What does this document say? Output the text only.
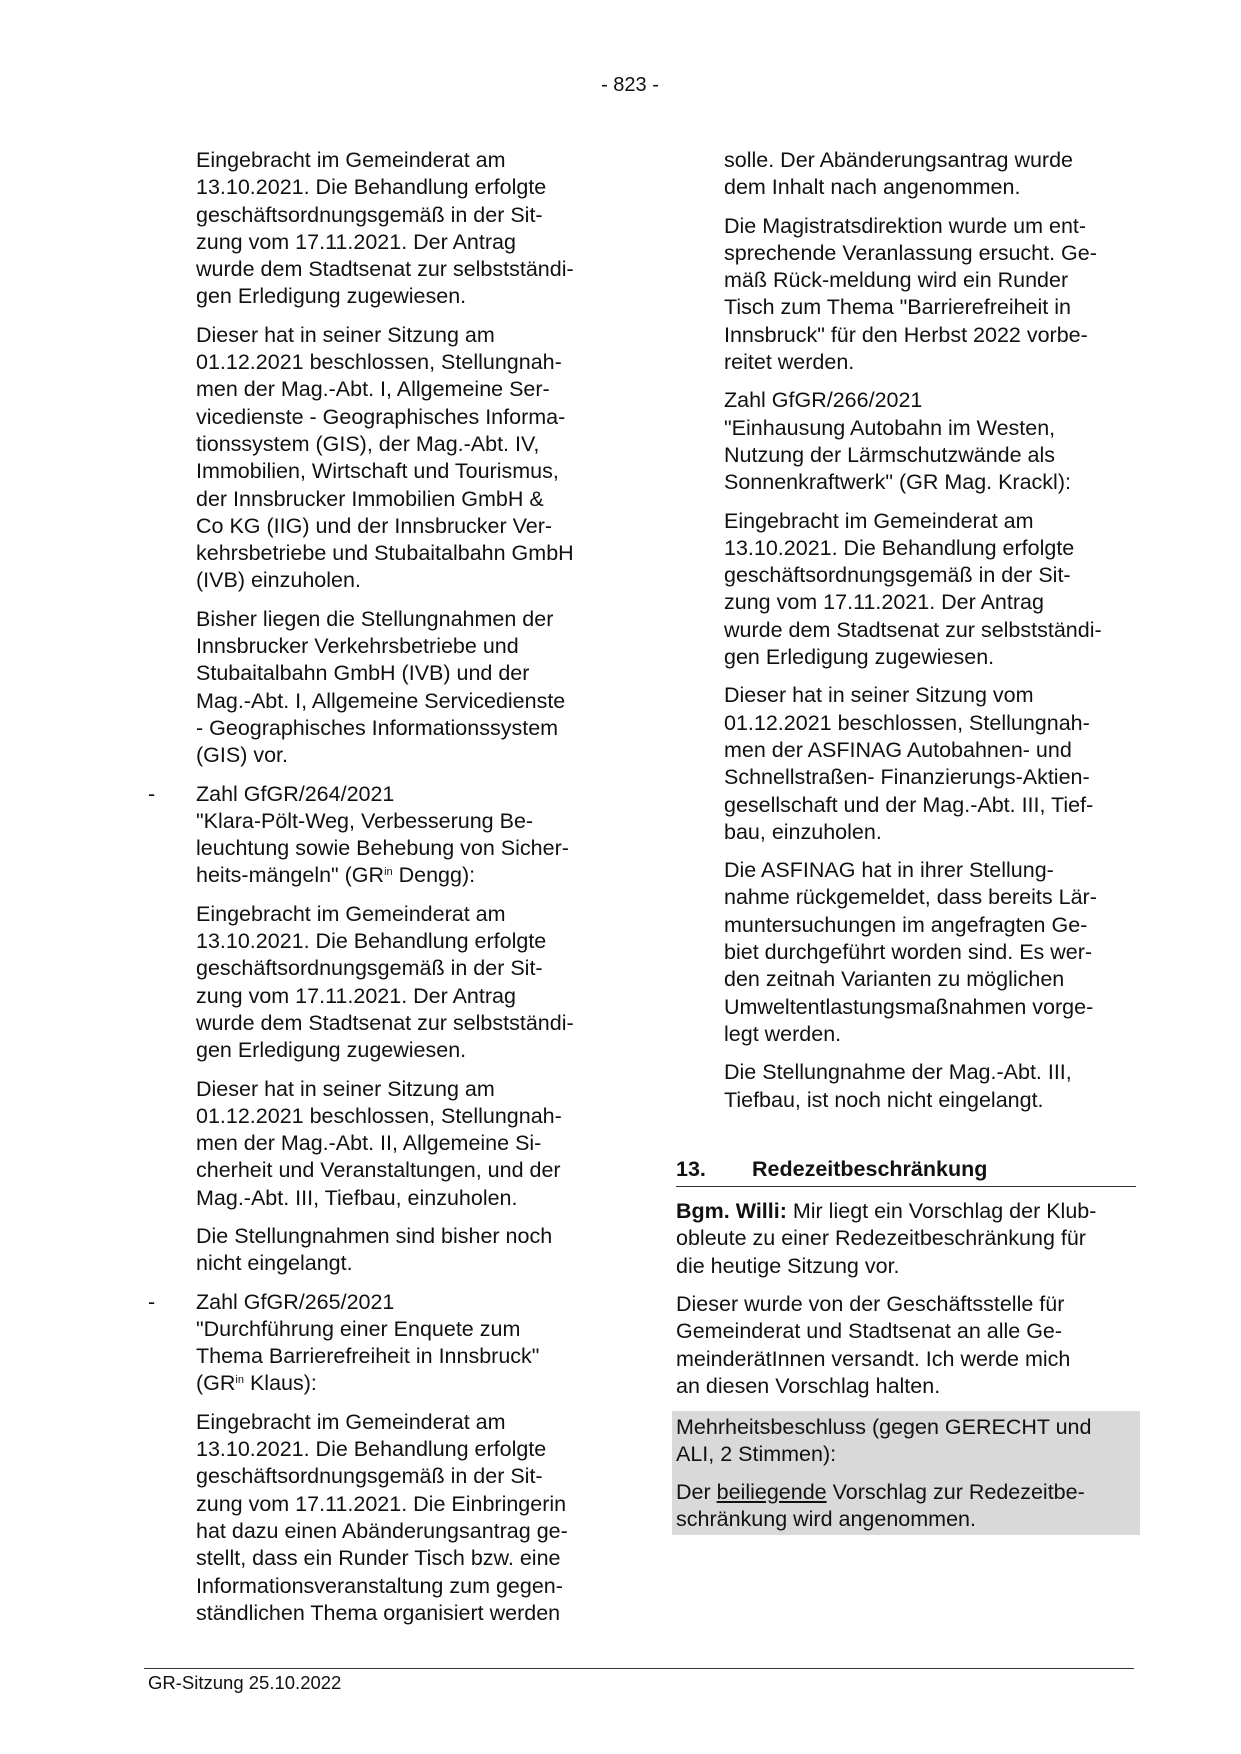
- 823 -

Eingebracht im Gemeinderat am
13.10.2021. Die Behandlung erfolgte
geschäftsordnungsgemäß in der Sit-
zung vom 17.11.2021. Der Antrag
wurde dem Stadtsenat zur selbstständi-
gen Erledigung zugewiesen.

Dieser hat in seiner Sitzung am
01.12.2021 beschlossen, Stellungnah-
men der Mag.-Abt. I, Allgemeine Ser-
vicedienste - Geographisches Informa-
tionssystem (GIS), der Mag.-Abt. IV,
Immobilien, Wirtschaft und Tourismus,
der Innsbrucker Immobilien GmbH &
Co KG (IIG) und der Innsbrucker Ver-
kehrsbetriebe und Stubaitalbahn GmbH
(IVB) einzuholen.

Bisher liegen die Stellungnahmen der
Innsbrucker Verkehrsbetriebe und
Stubaitalbahn GmbH (IVB) und der
Mag.-Abt. I, Allgemeine Servicedienste
- Geographisches Informationssystem
(GIS) vor.

- Zahl GfGR/264/2021
"Klara-Pölt-Weg, Verbesserung Be-
leuchtung sowie Behebung von Sicher-
heits-mängeln" ($GR^{in}$ Dengg):

Eingebracht im Gemeinderat am
13.10.2021. Die Behandlung erfolgte
geschäftsordnungsgemäß in der Sit-
zung vom 17.11.2021. Der Antrag
wurde dem Stadtsenat zur selbstständi-
gen Erledigung zugewiesen.

Dieser hat in seiner Sitzung am
01.12.2021 beschlossen, Stellungnah-
men der Mag.-Abt. II, Allgemeine Si-
cherheit und Veranstaltungen, und der
Mag.-Abt. III, Tiefbau, einzuholen.

Die Stellungnahmen sind bisher noch
nicht eingelangt.

- Zahl GfGR/265/2021
"Durchführung einer Enquete zum
Thema Barrierefreiheit in Innsbruck"
($GR^{in}$ Klaus):

Eingebracht im Gemeinderat am
13.10.2021. Die Behandlung erfolgte
geschäftsordnungsgemäß in der Sit-
zung vom 17.11.2021. Die Einbringerin
hat dazu einen Abänderungsantrag ge-
stellt, dass ein Runder Tisch bzw. eine
Informationsveranstaltung zum gegen-
ständlichen Thema organisiert werden

solle. Der Abänderungsantrag wurde
dem Inhalt nach angenommen.

Die Magistratsdirektion wurde um ent-
sprechende Veranlassung ersucht. Ge-
mäß Rück-meldung wird ein Runder
Tisch zum Thema "Barrierefreiheit in
Innsbruck" für den Herbst 2022 vorbe-
reitet werden.

Zahl GfGR/266/2021
"Einhausung Autobahn im Westen,
Nutzung der Lärmschutzwände als
Sonnenkraftwerk" (GR Mag. Krackl):

Eingebracht im Gemeinderat am
13.10.2021. Die Behandlung erfolgte
geschäftsordnungsgemäß in der Sit-
zung vom 17.11.2021. Der Antrag
wurde dem Stadtsenat zur selbstständi-
gen Erledigung zugewiesen.

Dieser hat in seiner Sitzung vom
01.12.2021 beschlossen, Stellungnah-
men der ASFINAG Autobahnen- und
Schnellstraßen- Finanzierungs-Aktien-
gesellschaft und der Mag.-Abt. III, Tief-
bau, einzuholen.

Die ASFINAG hat in ihrer Stellung-
nahme rückgemeldet, dass bereits Lär-
muntersuchungen im angefragten Ge-
biet durchgeführt worden sind. Es wer-
den zeitnah Varianten zu möglichen
Umweltentlastungsmaßnahmen vorge-
legt werden.

Die Stellungnahme der Mag.-Abt. III,
Tiefbau, ist noch nicht eingelangt.

13.	Redezeitbeschränkung

Bgm. Willi: Mir liegt ein Vorschlag der Klub-
obleute zu einer Redezeitbeschränkung für
die heutige Sitzung vor.

Dieser wurde von der Geschäftsstelle für
Gemeinderat und Stadtsenat an alle Ge-
meinderätInnen versandt. Ich werde mich
an diesen Vorschlag halten.

Mehrheitsbeschluss (gegen GERECHT und
ALI, 2 Stimmen):

Der beiliegende Vorschlag zur Redezeitbe-
schränkung wird angenommen.

GR-Sitzung 25.10.2022
